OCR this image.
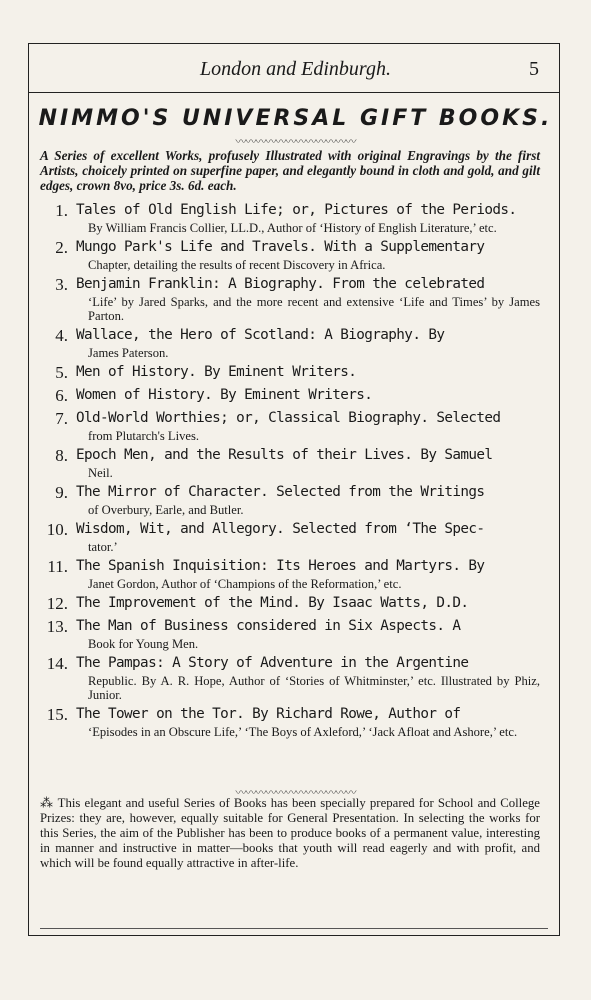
London and Edinburgh.	5
NIMMO'S UNIVERSAL GIFT BOOKS.
〰〰〰〰〰〰〰〰〰〰〰〰
A Series of excellent Works, profusely Illustrated with original Engravings by the first Artists, choicely printed on superfine paper, and elegantly bound in cloth and gold, and gilt edges, crown 8vo, price 3s. 6d. each.
1. Tales of Old English Life; or, Pictures of the Periods.
By William Francis Collier, LL.D., Author of ‘History of English Literature,’ etc.
2. Mungo Park's Life and Travels. With a Supplementary
Chapter, detailing the results of recent Discovery in Africa.
3. Benjamin Franklin: A Biography. From the celebrated
‘Life’ by Jared Sparks, and the more recent and extensive ‘Life and Times’ by James Parton.
4. Wallace, the Hero of Scotland: A Biography. By
James Paterson.
5. Men of History. By Eminent Writers.
6. Women of History. By Eminent Writers.
7. Old-World Worthies; or, Classical Biography. Selected
from Plutarch's Lives.
8. Epoch Men, and the Results of their Lives. By Samuel
Neil.
9. The Mirror of Character. Selected from the Writings
of Overbury, Earle, and Butler.
10. Wisdom, Wit, and Allegory. Selected from ‘The Spec-
tator.’
11. The Spanish Inquisition: Its Heroes and Martyrs. By
Janet Gordon, Author of ‘Champions of the Reformation,’ etc.
12. The Improvement of the Mind. By Isaac Watts, D.D.
13. The Man of Business considered in Six Aspects. A
Book for Young Men.
14. The Pampas: A Story of Adventure in the Argentine
Republic. By A. R. Hope, Author of ‘Stories of Whitminster,’ etc. Illustrated by Phiz, Junior.
15. The Tower on the Tor. By Richard Rowe, Author of
‘Episodes in an Obscure Life,’ ‘The Boys of Axleford,’ ‘Jack Afloat and Ashore,’ etc.
〰〰〰〰〰〰〰〰〰〰〰〰
⁂ This elegant and useful Series of Books has been specially prepared for School and College Prizes: they are, however, equally suitable for General Presentation. In selecting the works for this Series, the aim of the Publisher has been to produce books of a permanent value, interesting in manner and instructive in matter—books that youth will read eagerly and with profit, and which will be found equally attractive in after-life.
